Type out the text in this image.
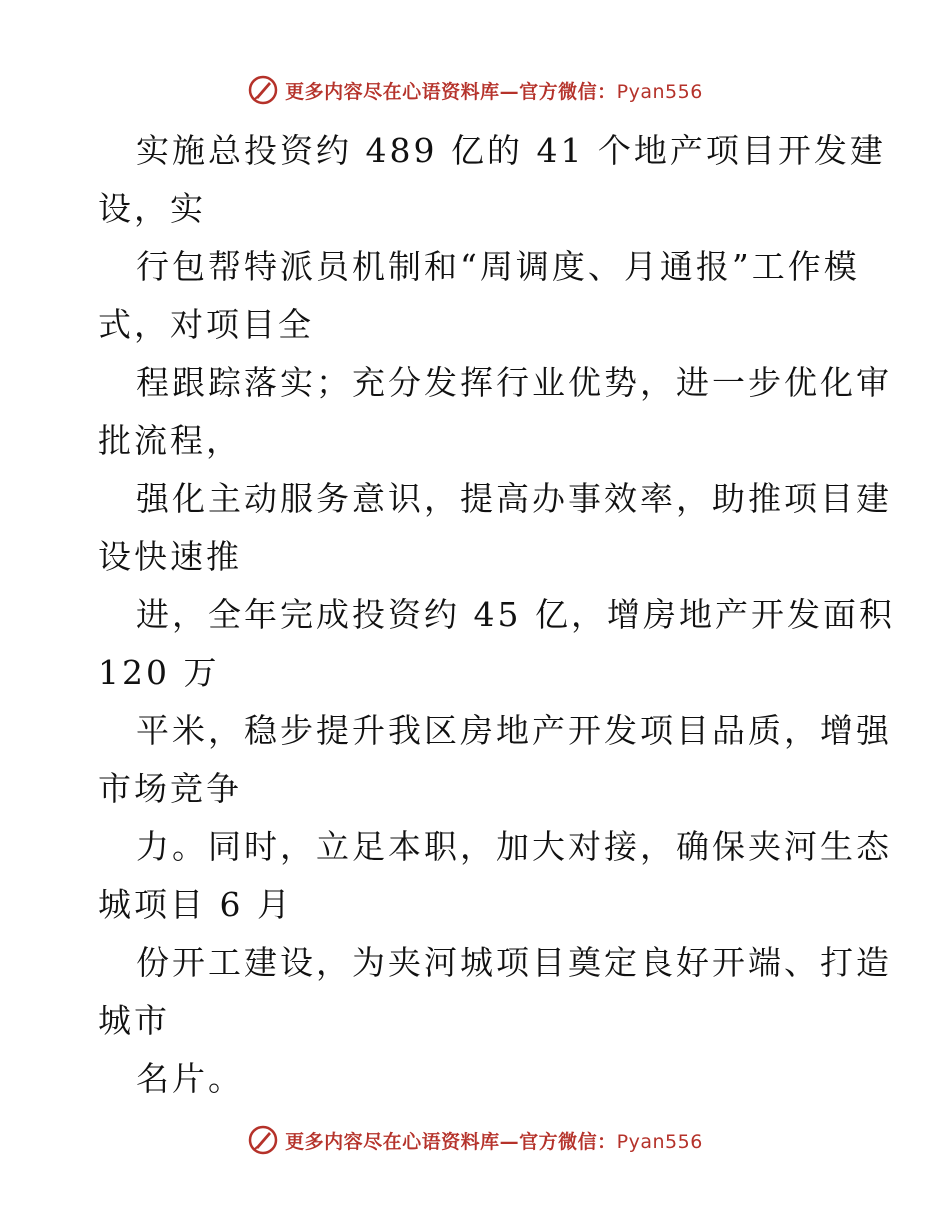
更多内容尽在心语资料库—官方微信：Pyan556
实施总投资约 489 亿的 41 个地产项目开发建
设，实
行包帮特派员机制和“周调度、月通报”工作模
式，对项目全
程跟踪落实；充分发挥行业优势，进一步优化审
批流程，
强化主动服务意识，提高办事效率，助推项目建
设快速推
进，全年完成投资约 45 亿，增房地产开发面积
120 万
平米，稳步提升我区房地产开发项目品质，增强
市场竞争
力。同时，立足本职，加大对接，确保夹河生态
城项目 6 月
份开工建设，为夹河城项目奠定良好开端、打造
城市
名片。
更多内容尽在心语资料库—官方微信：Pyan556
